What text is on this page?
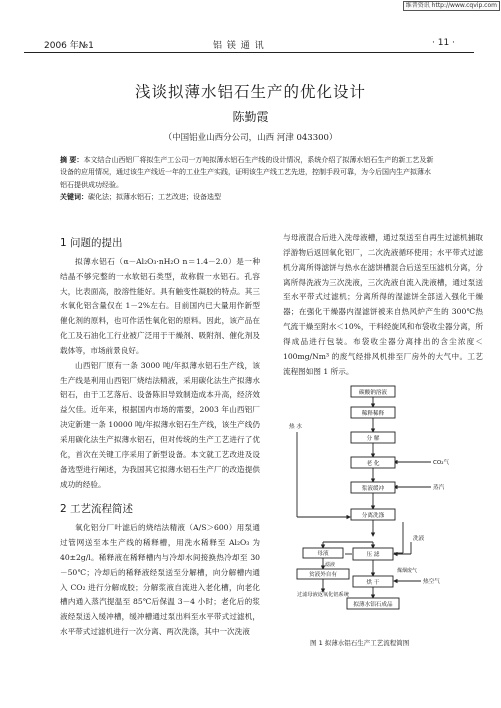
维普资讯 http://www.cqvip.com
2006 年№1	铝 镁 通 讯	· 11 ·
浅谈拟薄水铝石生产的优化设计
陈勤霞
（中国铝业山西分公司，山西 河津 043300）
摘 要：本文结合山西铝厂将拟生产工公司一万吨拟薄水铝石生产线的设计情况，系统介绍了拟薄水铝石生产的新工艺及新设备的应用情况，通过该生产线近一年的工业生产实践，证明该生产线工艺先进，控制手段可靠，为今后国内生产拟薄水铝石提供成功经验。
关键词：碳化法；拟薄水铝石；工艺改进；设备选型
1 问题的提出

拟薄水铝石（α－Al₂O₃·nH₂O n＝1.4－2.0）是一种结晶不够完整的一水软铝石类型，故称假一水铝石。孔容大，比表面高，胶溶性能好。具有触变性凝胶的特点。其三水氧化铝含量仅在 1－2%左右。目前国内已大量用作新型催化剂的原料，也可作活性氧化铝的原料。因此，该产品在化工及石油化工行业被广泛用于干燥剂、吸附剂、催化剂及载体等，市场前景良好。

山西铝厂原有一条 3000 吨/年拟薄水铝石生产线，该生产线是利用山西铝厂烧结法精液，采用碳化法生产拟薄水铝石，由于工艺落后、设备陈旧导致制造成本升高，经济效益欠佳。近年来，根据国内市场的需要，2003 年山西铝厂决定新建一条 10000 吨/年拟薄水铝石生产线，该生产线仍采用碳化法生产拟薄水铝石，但对传统的生产工艺进行了优化，首次在关键工序采用了新型设备。本文就工艺改进及设备选型进行阐述，为我国其它拟薄水铝石生产厂的改造提供成功的经验。

2 工艺流程简述

氧化铝分厂叶滤后的烧结法精液（A/S＞600）用泵通过管网送至本生产线的稀释槽，用洗水稀释至 Al₂O₃ 为 40±2g/l。稀释液在稀释槽内与冷却水间接换热冷却至 30－50℃；冷却后的稀释液经泵送至分解槽，向分解槽内通入 CO₂ 进行分解成胶；分解浆液自流进入老化槽，向老化槽内通入蒸汽提温至 85℃后保温 3－4 小时；老化后的浆液经泵送入缓冲槽，缓冲槽通过泵出料至水平带式过滤机，水平带式过滤机进行一次分离、两次洗涤，其中一次洗液

与母液混合后进入洗母液槽，通过泵送至自再生过滤机捕取浮游物后返回氧化铝厂，二次洗液循环使用；水平带式过滤机分离所得滤饼与热水在滤饼槽混合后送至压滤机分离，分离所得洗液为三次洗液，三次洗液自流入洗液槽，通过泵送至水平带式过滤机；分离所得的湿滤饼全部送入强化干燥器；在强化干燥器内湿滤饼被来自热风炉产生的 300℃热气流干燥至附水＜10%，干料经旋风和布袋收尘器分离，所得成品进行包装。布袋收尘器分离排出的含尘浓度＜100mg/Nm³ 的废气经排风机排至厂房外的大气中。工艺流程图如图 1 所示。

碳酸钠溶液
稀释稀释
分 解
老 化
浆液缓冲
分离洗涤
母液
贫液外自有
压 滤
烘 干
拟薄水铝石成品
过滤母液返氧化铝系统
热 水
CO₂气
蒸汽
洗液
热空气
滤液
煤烟废气
图 1 拟薄水铝石生产工艺流程简图
